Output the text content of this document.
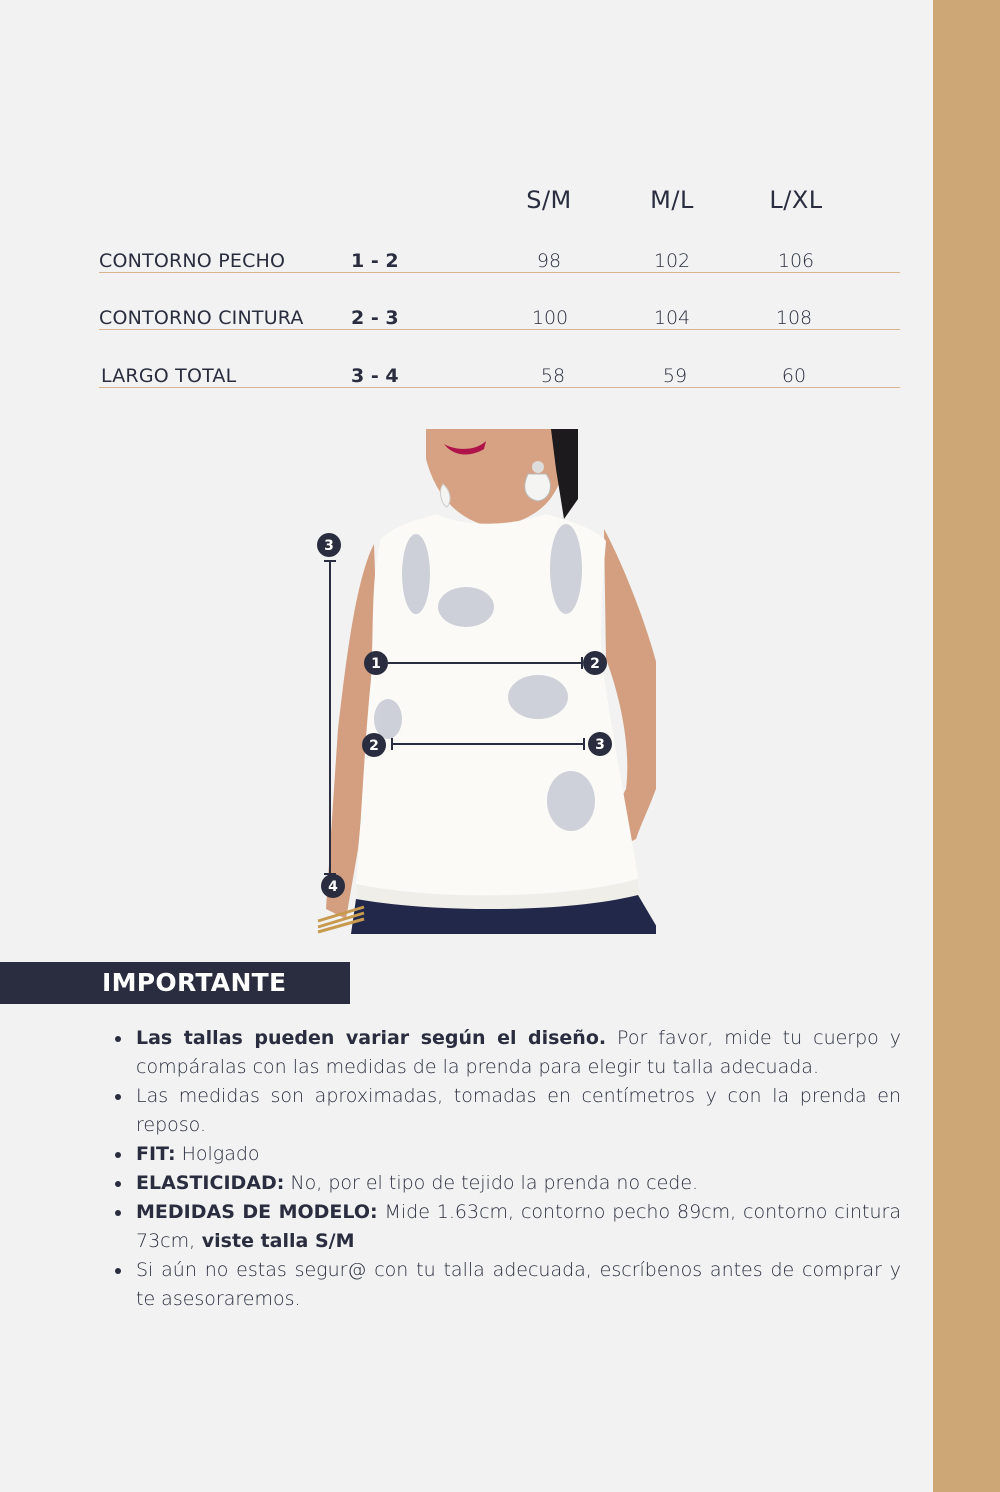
S/M	M/L	L/XL
CONTORNO PECHO	1 - 2	98	102	106
CONTORNO CINTURA 2 - 3	100	104	108
LARGO TOTAL	3 - 4	58	59	60
3
1	2
2	3
4
IMPORTANTE
Las tallas pueden variar según el diseño. Por favor, mide tu cuerpo y compáralas con las medidas de la prenda para elegir tu talla adecuada.
Las medidas son aproximadas, tomadas en centímetros y con la prenda en reposo.
FIT: Holgado
ELASTICIDAD: No, por el tipo de tejido la prenda no cede.
MEDIDAS DE MODELO: Mide 1.63cm, contorno pecho 89cm, contorno cintura 73cm, viste talla S/M
Si aún no estas segur@ con tu talla adecuada, escríbenos antes de comprar y te asesoraremos.
